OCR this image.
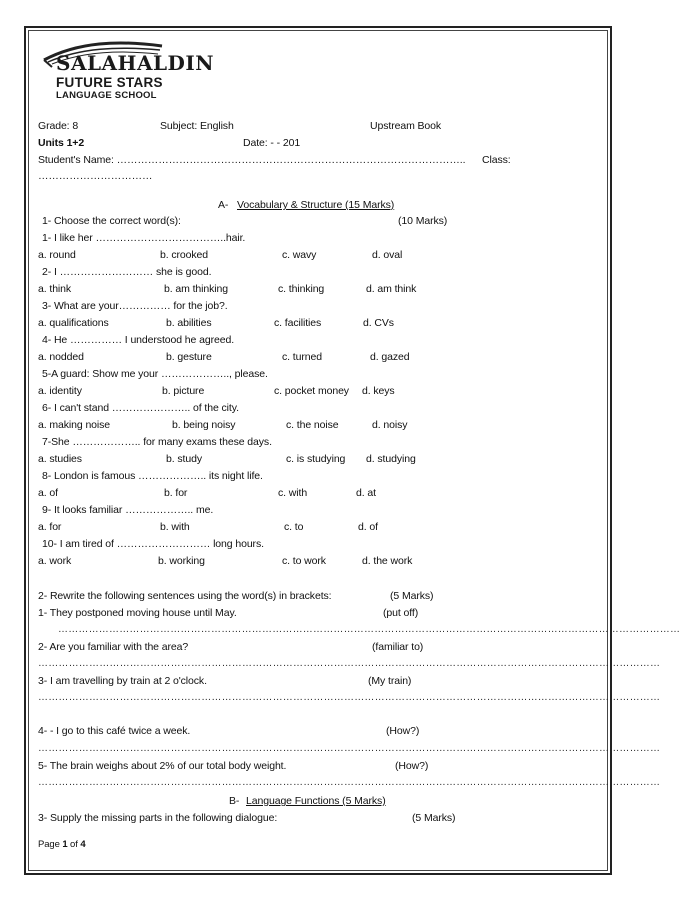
SALAHALDIN
FUTURE STARS
LANGUAGE SCHOOL
Grade: 8	Subject: English	Upstream Book
Units 1+2	Date: - - 201
Student's Name: ……………………………………………………………………………………….. Class:
……………………………
A- Vocabulary & Structure (15 Marks)
1- Choose the correct word(s):	(10 Marks)
1- I like her ………………………………..hair.
a. round	b. crooked	c. wavy	d. oval
2- I ……………………… she is good.
a. think	b. am thinking	c. thinking	d. am think
3- What are your…………… for the job?.
a. qualifications	b. abilities	c. facilities	d. CVs
4- He …………… I understood he agreed.
a. nodded	b. gesture	c. turned	d. gazed
5-A guard: Show me your ……………….., please.
a. identity	b. picture	c. pocket money d. keys
6- I can't stand ………………….. of the city.
a. making noise	b. being noisy	c. the noise	d. noisy
7-She ……………….. for many exams these days.
a. studies	b. study	c. is studying d. studying
8- London is famous ……………….. its night life.
a. of	b. for	c. with	d. at
9- It looks familiar ……………….. me.
a. for	b. with	c. to	d. of
10- I am tired of ……………………… long hours.
a. work	b. working	c. to work	d. the work
2- Rewrite the following sentences using the word(s) in brackets:	(5 Marks)
1- They postponed moving house until May.	(put off)
…………………………………………………………………………………………………………………………………………………………………
2- Are you familiar with the area?	(familiar to)
…………………………………………………………………………………………………………………………………………………………………
3- I am travelling by train at 2 o'clock.	(My train)
…………………………………………………………………………………………………………………………………………………………………
4- - I go to this café twice a week.	(How?)
…………………………………………………………………………………………………………………………………………………………………
5- The brain weighs about 2% of our total body weight.	(How?)
…………………………………………………………………………………………………………………………………………………………………
B- Language Functions (5 Marks)
3- Supply the missing parts in the following dialogue:	(5 Marks)
Page 1 of 4
